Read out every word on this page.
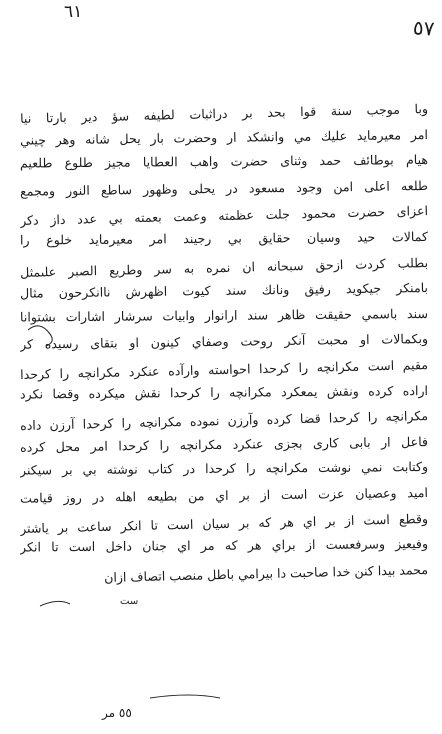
٦١
٥٧
وبا موجب سنة قوا بحد بر دراثبات لطيفه سؤ دير بارتا نيا
امر معيرمايد عليك مي وانشكد ار وحضرت بار يحل شانه وهر چيني
هيام بوطائف حمد وثناى حضرت واهب العطايا مجيز طلوع طلعيم
طلعه اعلى امن وجود مسعود در يحلى وظهور ساطع النور ومجمع
اعزاى حضرت محمود جلت عظمته وعمت بعمته بي عدد داز دكر
كمالات حيد وسيان حقايق بي رجيند امر معيرمايد خلوع را
بطلب كردت ازحق سبحانه ان نمره به سر وطريع الصبر علىمثل
بامنكر جيكويد رفيق ونانك سند كيوت اظهرش ناانكرحون مثال
سند باسمي حقيقت ظاهر سند ارانوار وابيات سرشار اشارات بشتوانا
وبكمالات او محبت آنكر روحت وصفاي كينون او بتقاى رسيده كر
مقيم است مكرانچه را كرحدا احواسته وارآده عنكرد مكرانچه را كرحدا
اراده كرده ونقش يمعكرد مكرانچه را كرحدا نقش ميكرده وقضا نكرد
مكرانچه را كرحدا قضا كرده وآرزن نموده مكرانچه را كرحدا آرزن داده
فاعل ار بابى كارى بجزى عنكرد مكرانچه را كرحدا امر محل كرده
وكتابت نمي نوشت مكرانچه را كرحدا در كتاب نوشته بي بر سيكنر
اميد وعصيان عزت است از بر اي من بطيعه اهله در روز قيامت
وقطع است از بر اي هر كه بر سيان است تا انكر ساعت بر ياشتر
وفيعيز وسرفعست از براي هر كه مر اي جنان داخل است تا انكر
محمد بيدا كنن خدا صاحبت دا بيرامي باطل منصب اتصاف ازان
٥٥ مر
ست
